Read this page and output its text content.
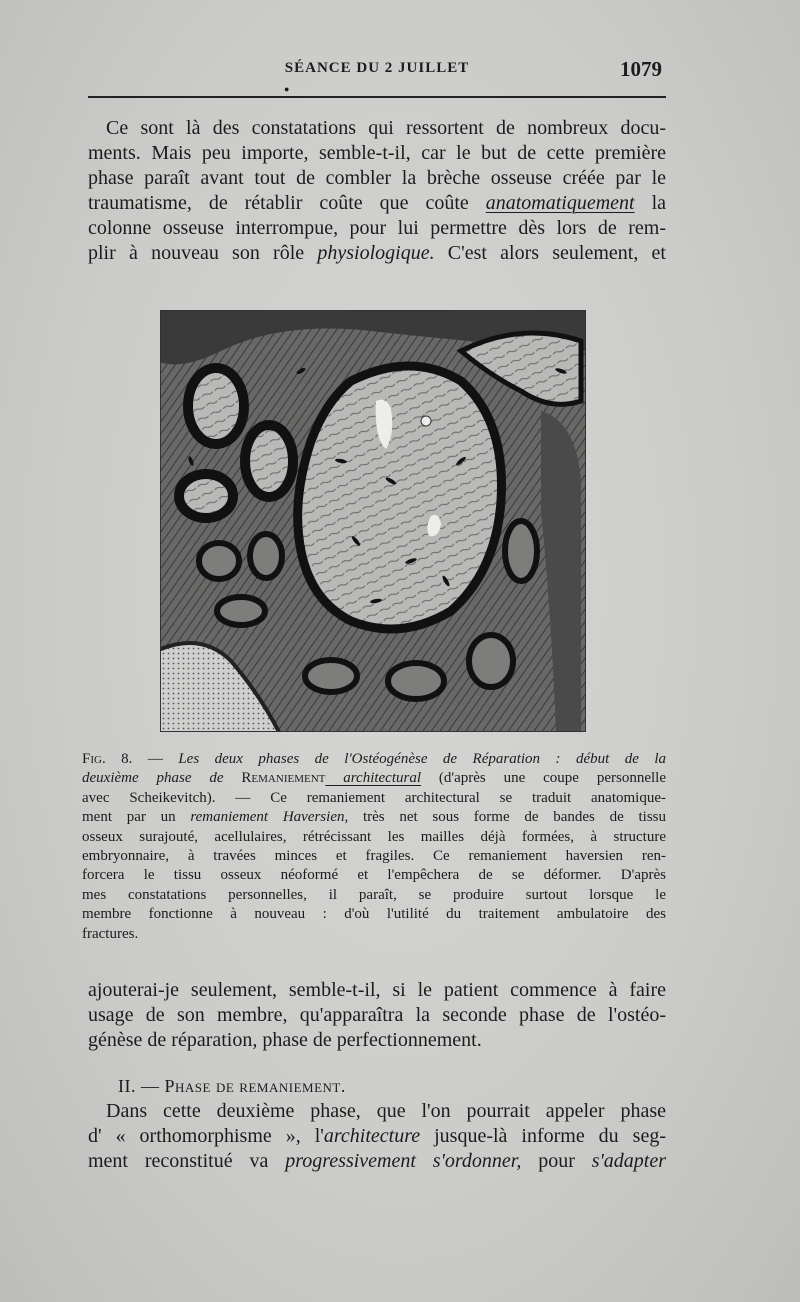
SÉANCE DU 2 JUILLET
●
1079
Ce sont là des constatations qui ressortent de nombreux docu-
ments. Mais peu importe, semble-t-il, car le but de cette première
phase paraît avant tout de combler la brèche osseuse créée par le
traumatisme, de rétablir coûte que coûte anatomatiquement la
colonne osseuse interrompue, pour lui permettre dès lors de rem-
plir à nouveau son rôle physiologique. C'est alors seulement, et
Fig. 8. — Les deux phases de l'Ostéogénèse de Réparation : début de la
deuxième phase de Remaniement architectural (d'après une coupe personnelle
avec Scheikevitch). — Ce remaniement architectural se traduit anatomique-
ment par un remaniement Haversien, très net sous forme de bandes de tissu
osseux surajouté, acellulaires, rétrécissant les mailles déjà formées, à structure
embryonnaire, à travées minces et fragiles. Ce remaniement haversien ren-
forcera le tissu osseux néoformé et l'empêchera de se déformer. D'après
mes constatations personnelles, il paraît, se produire surtout lorsque le
membre fonctionne à nouveau : d'où l'utilité du traitement ambulatoire des
fractures.
ajouterai-je seulement, semble-t-il, si le patient commence à faire
usage de son membre, qu'apparaîtra la seconde phase de l'ostéo-
génèse de réparation, phase de perfectionnement.
II. — Phase de remaniement.
Dans cette deuxième phase, que l'on pourrait appeler phase
d' « orthomorphisme », l'architecture jusque-là informe du seg-
ment reconstitué va progressivement s'ordonner, pour s'adapter
